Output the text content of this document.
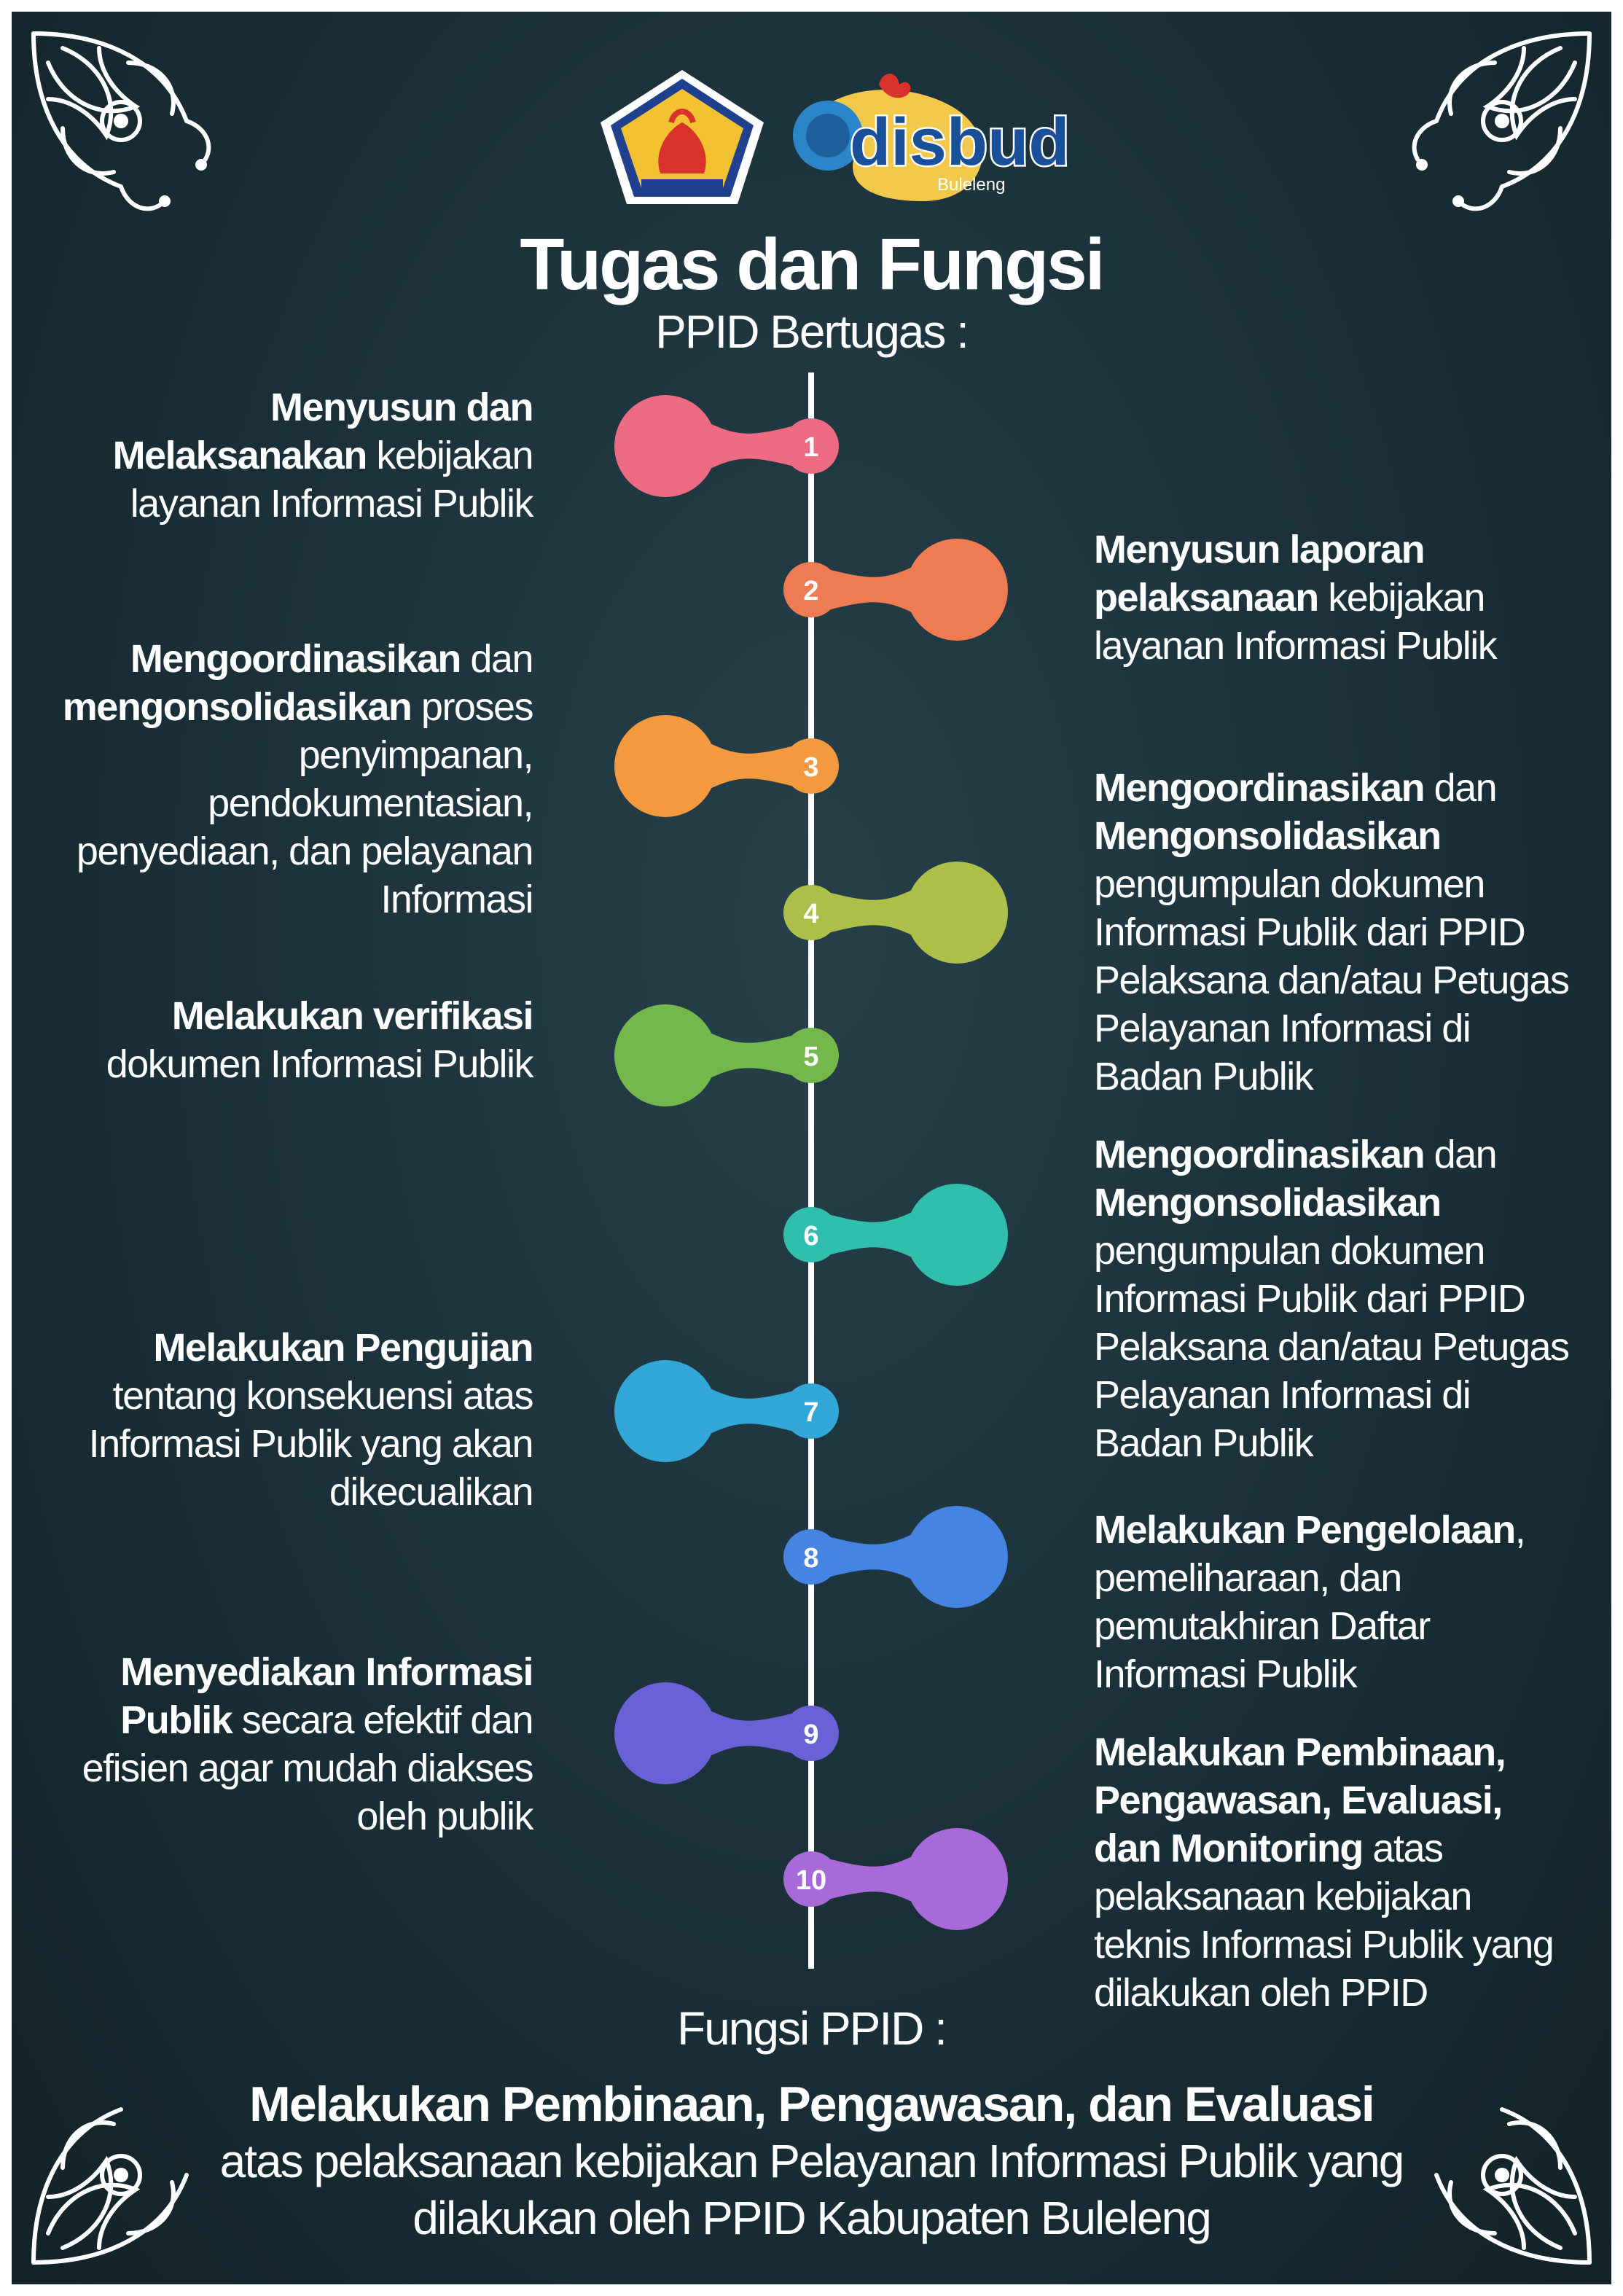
disbud
Buleleng
Tugas dan Fungsi
PPID Bertugas :
1
2
3
4
5
6
7
8
9
10
Menyusun dan Melaksanakan kebijakan layanan Informasi Publik
Menyusun laporan pelaksanaan kebijakan layanan Informasi Publik
Mengoordinasikan dan mengonsolidasikan proses penyimpanan, pendokumentasian, penyediaan, dan pelayanan Informasi
Mengoordinasikan dan Mengonsolidasikan pengumpulan dokumen Informasi Publik dari PPID Pelaksana dan/atau Petugas Pelayanan Informasi di Badan Publik
Melakukan verifikasi dokumen Informasi Publik
Mengoordinasikan dan Mengonsolidasikan pengumpulan dokumen Informasi Publik dari PPID Pelaksana dan/atau Petugas Pelayanan Informasi di Badan Publik
Melakukan Pengujian tentang konsekuensi atas Informasi Publik yang akan dikecualikan
Melakukan Pengelolaan, pemeliharaan, dan pemutakhiran Daftar Informasi Publik
Menyediakan Informasi Publik secara efektif dan efisien agar mudah diakses oleh publik
Melakukan Pembinaan, Pengawasan, Evaluasi, dan Monitoring atas pelaksanaan kebijakan teknis Informasi Publik yang dilakukan oleh PPID
Fungsi PPID :
Melakukan Pembinaan, Pengawasan, dan Evaluasi
atas pelaksanaan kebijakan Pelayanan Informasi Publik yang dilakukan oleh PPID Kabupaten Buleleng
